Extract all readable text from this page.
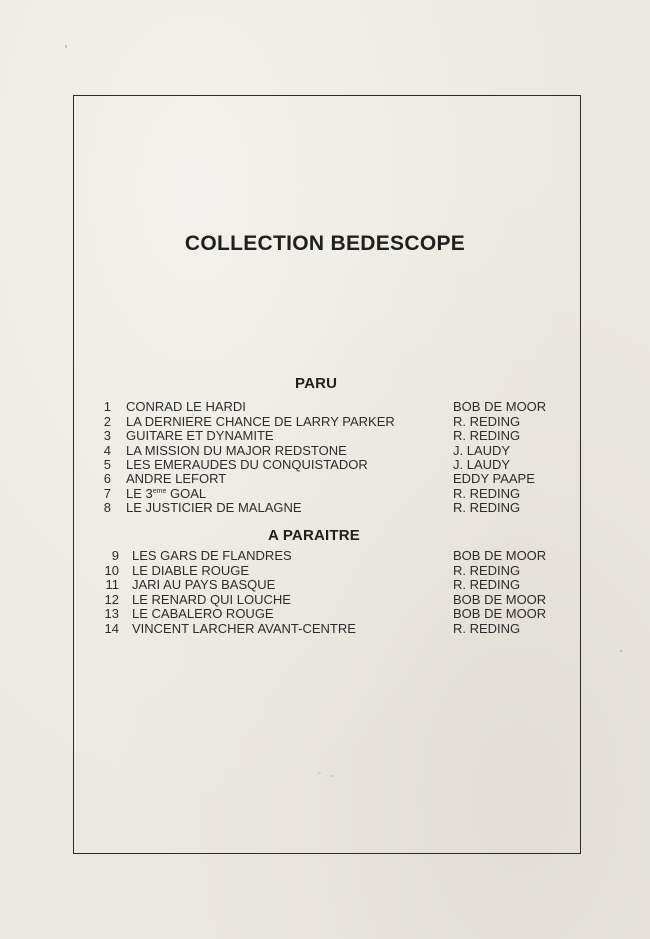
COLLECTION BEDESCOPE
PARU
1 CONRAD LE HARDI	BOB DE MOOR
2 LA DERNIERE CHANCE DE LARRY PARKER	R. REDING
3 GUITARE ET DYNAMITE	R. REDING
4 LA MISSION DU MAJOR REDSTONE	J. LAUDY
5 LES EMERAUDES DU CONQUISTADOR	J. LAUDY
6 ANDRE LEFORT	EDDY PAAPE
7 LE 3eme GOAL	R. REDING
8 LE JUSTICIER DE MALAGNE	R. REDING
A PARAITRE
9 LES GARS DE FLANDRES	BOB DE MOOR
10 LE DIABLE ROUGE	R. REDING
11 JARI AU PAYS BASQUE	R. REDING
12 LE RENARD QUI LOUCHE	BOB DE MOOR
13 LE CABALERO ROUGE	BOB DE MOOR
14 VINCENT LARCHER AVANT-CENTRE	R. REDING
